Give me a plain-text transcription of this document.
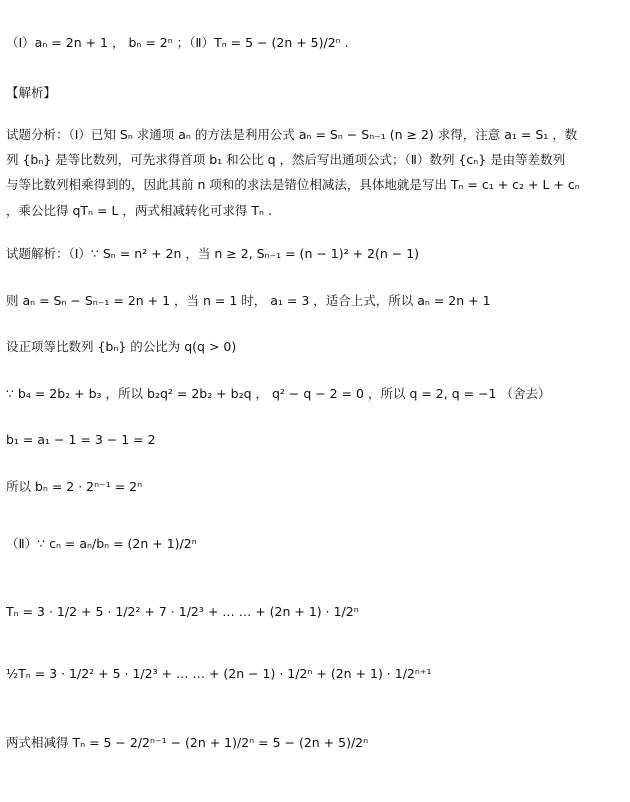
（Ⅰ）aₙ = 2n + 1 ， bₙ = 2ⁿ ；（Ⅱ）Tₙ = 5 − (2n + 5)/2ⁿ .
【解析】
试题分析：（Ⅰ）已知 Sₙ 求通项 aₙ 的方法是利用公式 aₙ = Sₙ − Sₙ₋₁ (n ≥ 2) 求得，注意 a₁ = S₁ ，数
列 {bₙ} 是等比数列，可先求得首项 b₁ 和公比 q ，然后写出通项公式；（Ⅱ）数列 {cₙ} 是由等差数列
与等比数列相乘得到的，因此其前 n 项和的求法是错位相减法，具体地就是写出 Tₙ = c₁ + c₂ + L + cₙ
，乘公比得 qTₙ = L ，两式相减转化可求得 Tₙ .
试题解析：（Ⅰ）∵ Sₙ = n² + 2n ，当 n ≥ 2, Sₙ₋₁ = (n − 1)² + 2(n − 1)
则 aₙ = Sₙ − Sₙ₋₁ = 2n + 1 ，当 n = 1 时， a₁ = 3 ，适合上式，所以 aₙ = 2n + 1
设正项等比数列 {bₙ} 的公比为 q(q > 0)
∵ b₄ = 2b₂ + b₃ ，所以 b₂q² = 2b₂ + b₂q ， q² − q − 2 = 0 ，所以 q = 2, q = −1 （舍去）
b₁ = a₁ − 1 = 3 − 1 = 2
所以 bₙ = 2 · 2ⁿ⁻¹ = 2ⁿ
（Ⅱ）∵ cₙ = aₙ/bₙ = (2n + 1)/2ⁿ
Tₙ = 3 · 1/2 + 5 · 1/2² + 7 · 1/2³ + … … + (2n + 1) · 1/2ⁿ
½Tₙ = 3 · 1/2² + 5 · 1/2³ + … … + (2n − 1) · 1/2ⁿ + (2n + 1) · 1/2ⁿ⁺¹
两式相减得 Tₙ = 5 − 2/2ⁿ⁻¹ − (2n + 1)/2ⁿ = 5 − (2n + 5)/2ⁿ
